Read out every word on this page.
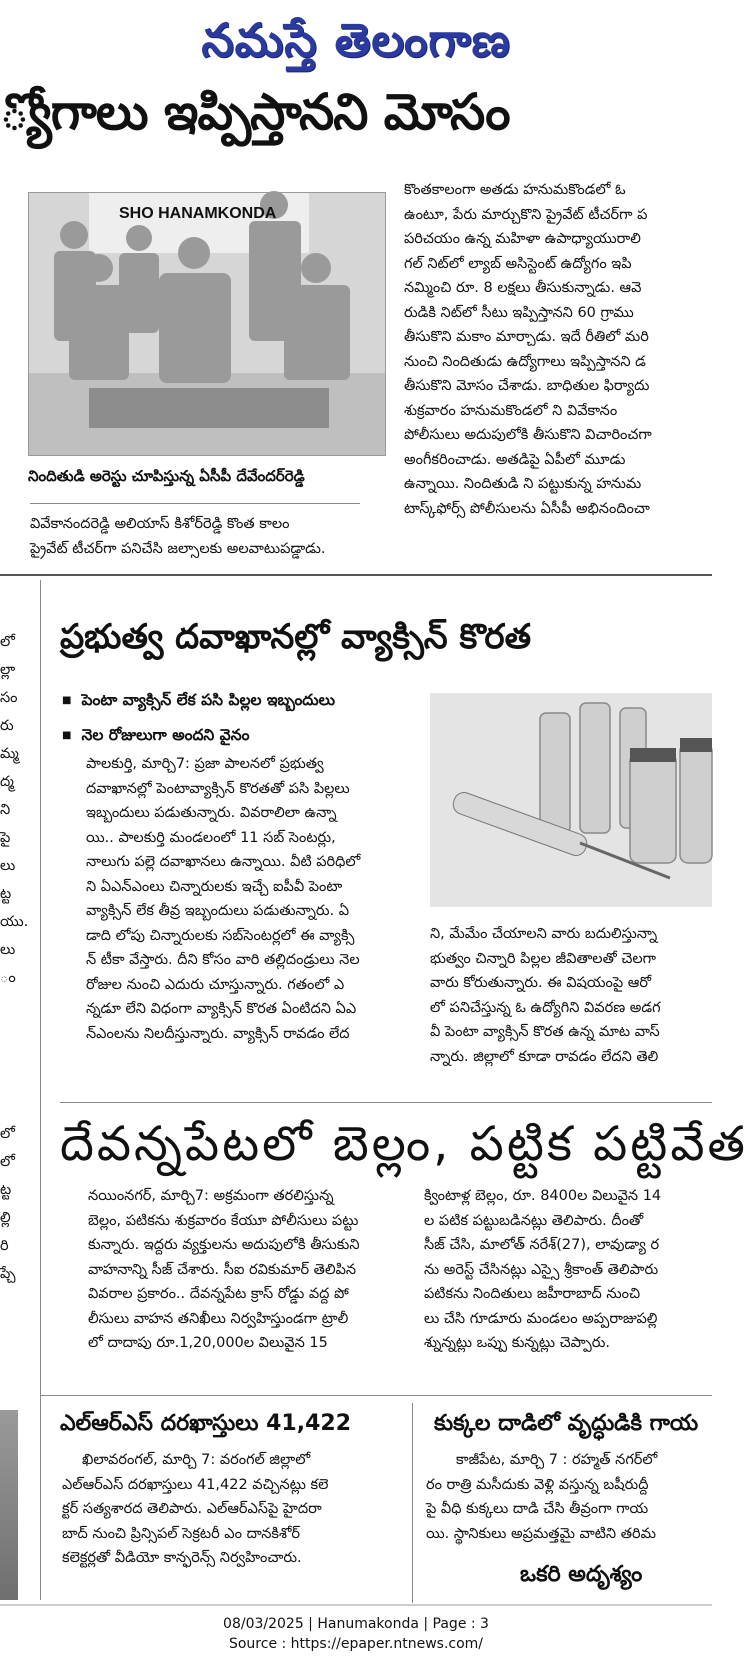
నమస్తే తెలంగాణ
్యోగాలు ఇప్పిస్తానని మోసం
SHO HANAMKONDA
నిందితుడి అరెస్టు చూపిస్తున్న ఏసీపీ దేవేందర్‌రెడ్డి
వివేకానందరెడ్డి అలియాస్ కిశోర్‌రెడ్డి కొంత కాలం
ప్రైవేట్ టీచర్‌గా పనిచేసి జల్సాలకు అలవాటుపడ్డాడు.
కొంతకాలంగా అతడు హనుమకొండలో ఓ
ఉంటూ, పేరు మార్చుకొని ప్రైవేట్ టీచర్‌గా ప
పరిచయం ఉన్న మహిళా ఉపాధ్యాయురాలి
గల్ నిట్‌లో ల్యాబ్ అసిస్టెంట్ ఉద్యోగం ఇపి
నమ్మించి రూ. 8 లక్షలు తీసుకున్నాడు. ఆవె
రుడికి నిట్‌లో సీటు ఇప్పిస్తానని 60 గ్రాము
తీసుకొని మకాం మార్చాడు. ఇదే రీతిలో మరి
నుంచి నిందితుడు ఉద్యోగాలు ఇప్పిస్తానని డ
తీసుకొని మోసం చేశాడు. బాధితుల ఫిర్యాదు
శుక్రవారం హనుమకొండలో ని వివేకానం
పోలీసులు అదుపులోకి తీసుకొని విచారించగా
అంగీకరించాడు. అతడిపై ఏపీలో మూడు
ఉన్నాయి. నిందితుడి ని పట్టుకున్న హనుమ
టాస్క్‌ఫోర్స్ పోలీసులను ఏసీపీ అభినందించా
లో
ల్లా
సం
రు
మ్మ
ద్మ
ని
పై
లు
ట్ట
యు.
లు
ం
లో
లో
ట్ట
ల్లి
రి
ప్చే
ప్రభుత్వ దవాఖానల్లో వ్యాక్సిన్ కొరత
■ పెంటా వ్యాక్సిన్ లేక పసి పిల్లల ఇబ్బందులు
■ నెల రోజులుగా అందని వైనం
పాలకుర్తి, మార్చి7: ప్రజా పాలనలో ప్రభుత్వ
దవాఖానల్లో పెంటావ్యాక్సిన్ కొరతతో పసి పిల్లలు
ఇబ్బందులు పడుతున్నారు. వివరాలిలా ఉన్నా
యి.. పాలకుర్తి మండలంలో 11 సబ్ సెంటర్లు,
నాలుగు పల్లె దవాఖానలు ఉన్నాయి. వీటి పరిధిలో
ని ఏఎన్ఎంలు చిన్నారులకు ఇచ్చే ఐపీవీ పెంటా
వ్యాక్సిన్ లేక తీవ్ర ఇబ్బందులు పడుతున్నారు. ఏ
డాది లోపు చిన్నారులకు సబ్‌సెంటర్లలో ఈ వ్యాక్సి
న్ టీకా వేస్తారు. దీని కోసం వారి తల్లిదండ్రులు నెల
రోజుల నుంచి ఎదురు చూస్తున్నారు. గతంలో ఎ
న్నడూ లేని విధంగా వ్యాక్సిన్ కొరత ఏంటిదని ఏఎ
న్ఎంలను నిలదీస్తున్నారు. వ్యాక్సిన్ రావడం లేద
ని, మేమేం చేయాలని వారు బదులిస్తున్నా
భుత్వం చిన్నారి పిల్లల జీవితాలతో చెలగా
వారు కోరుతున్నారు. ఈ విషయంపై ఆరో
లో పనిచేస్తున్న ఓ ఉద్యోగిని వివరణ అడగ
వీ పెంటా వ్యాక్సిన్ కొరత ఉన్న మాట వాస్
న్నారు. జిల్లాలో కూడా రావడం లేదని తెలి
దేవన్నపేటలో బెల్లం, పట్టిక పట్టివేత
నయింనగర్, మార్చి7: అక్రమంగా తరలిస్తున్న
బెల్లం, పటికను శుక్రవారం కేయూ పోలీసులు పట్టు
కున్నారు. ఇద్దరు వ్యక్తులను అదుపులోకి తీసుకుని
వాహనాన్ని సీజ్ చేశారు. సీఐ రవికుమార్ తెలిపిన
వివరాల ప్రకారం.. దేవన్నపేట క్రాస్ రోడ్డు వద్ద పో
లీసులు వాహన తనిఖీలు నిర్వహిస్తుండగా ట్రాలీ
లో దాదాపు రూ.1,20,000ల విలువైన 15
క్వింటాళ్ల బెల్లం, రూ. 8400ల విలువైన 14
ల పటిక పట్టుబడినట్లు తెలిపారు. దీంతో
సీజ్ చేసి, మాలోత్ నరేశ్(27), లావుడ్యా ర
ను అరెస్ట్ చేసినట్లు ఎస్సై శ్రీకాంత్ తెలిపారు
పటికను నిందితులు జహీరాబాద్ నుంచి
లు చేసి గూడూరు మండలం అప్పరాజుపల్లి
శ్నున్నట్లు ఒప్పు కున్నట్లు చెప్పారు.
ఎల్‌ఆర్‌ఎస్ దరఖాస్తులు 41,422
ఖిలావరంగల్, మార్చి 7: వరంగల్ జిల్లాలో
ఎల్‌ఆర్‌ఎస్ దరఖాస్తులు 41,422 వచ్చినట్లు కలె
క్టర్ సత్యశారద తెలిపారు. ఎల్‌ఆర్‌ఎస్‌పై హైదరా
బాద్ నుంచి ప్రిన్సిపల్ సెక్రటరీ ఎం దానకిశోర్
కలెక్టర్లతో వీడియో కాన్ఫరెన్స్ నిర్వహించారు.
కుక్కల దాడిలో వృద్ధుడికి గాయ
కాజీపేట, మార్చి 7 : రహ్మత్ నగర్‌లో
రం రాత్రి మసీదుకు వెళ్లి వస్తున్న బషీరుద్దీ
పై వీధి కుక్కలు దాడి చేసి తీవ్రంగా గాయ
యి. స్థానికులు అప్రమత్తమై వాటిని తరిమ
ఒకరి అదృశ్యం
08/03/2025 | Hanumakonda | Page : 3
Source : https://epaper.ntnews.com/
